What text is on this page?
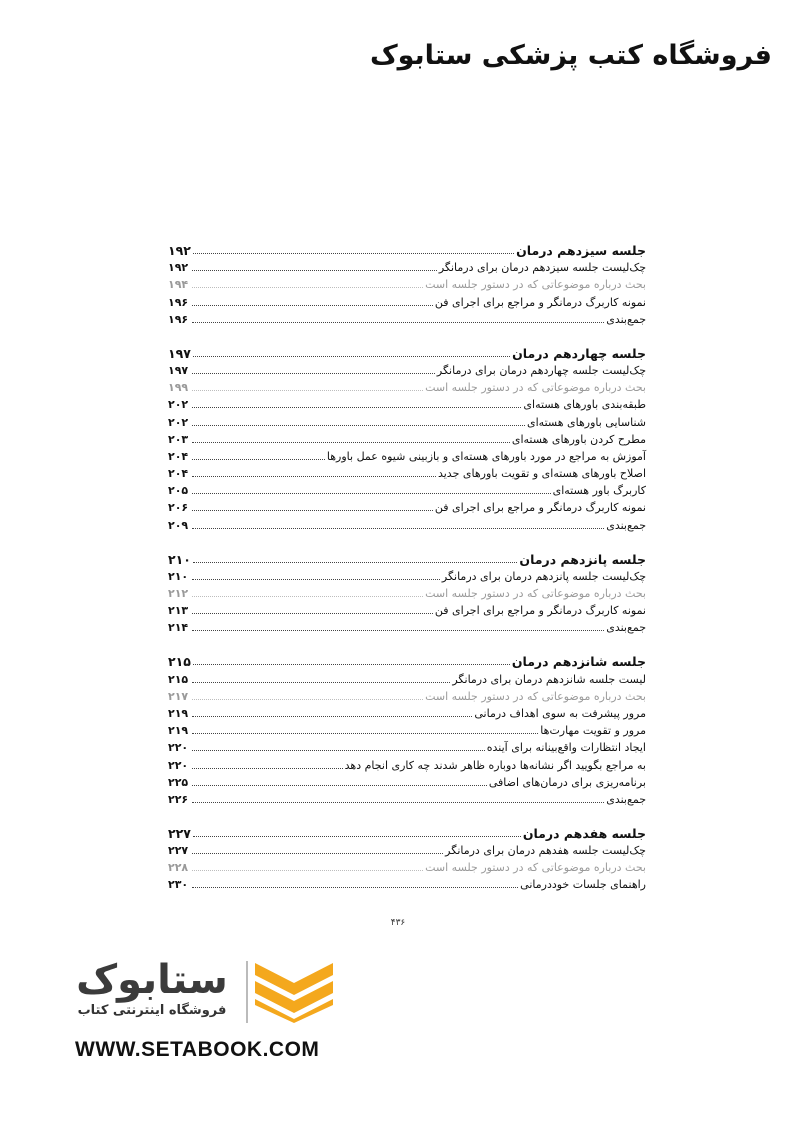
فروشگاه کتب پزشکی ستابوک
جلسه سیزدهم درمان
۱۹۲
چک‌لیست جلسه سیزدهم درمان برای درمانگر
۱۹۲
بحث درباره موضوعاتی که در دستور جلسه است
۱۹۴
نمونه کاربرگ درمانگر و مراجع برای اجرای فن
۱۹۶
جمع‌بندی
۱۹۶
جلسه چهاردهم درمان
۱۹۷
چک‌لیست جلسه چهاردهم درمان برای درمانگر
۱۹۷
بحث درباره موضوعاتی که در دستور جلسه است
۱۹۹
طبقه‌بندی باورهای هسته‌ای
۲۰۲
شناسایی باورهای هسته‌ای
۲۰۲
مطرح کردن باورهای هسته‌ای
۲۰۳
آموزش به مراجع در مورد باورهای هسته‌ای و بازبینی شیوه عمل باورها
۲۰۴
اصلاح باورهای هسته‌ای و تقویت باورهای جدید
۲۰۴
کاربرگ باور هسته‌ای
۲۰۵
نمونه کاربرگ درمانگر و مراجع برای اجرای فن
۲۰۶
جمع‌بندی
۲۰۹
جلسه پانزدهم درمان
۲۱۰
چک‌لیست جلسه پانزدهم درمان برای درمانگر
۲۱۰
بحث درباره موضوعاتی که در دستور جلسه است
۲۱۲
نمونه کاربرگ درمانگر و مراجع برای اجرای فن
۲۱۳
جمع‌بندی
۲۱۴
جلسه شانزدهم درمان
۲۱۵
لیست جلسه شانزدهم درمان برای درمانگر
۲۱۵
بحث درباره موضوعاتی که در دستور جلسه است
۲۱۷
مرور پیشرفت به سوی اهداف درمانی
۲۱۹
مرور و تقویت مهارت‌ها
۲۱۹
ایجاد انتظارات واقع‌بینانه برای آینده
۲۲۰
به مراجع بگویید اگر نشانه‌ها دوباره ظاهر شدند چه کاری انجام دهد
۲۲۰
برنامه‌ریزی برای درمان‌های اضافی
۲۲۵
جمع‌بندی
۲۲۶
جلسه هفدهم درمان
۲۲۷
چک‌لیست جلسه هفدهم درمان برای درمانگر
۲۲۷
بحث درباره موضوعاتی که در دستور جلسه است
۲۲۸
راهنمای جلسات خوددرمانی
۲۳۰
۴۳۶
ستابوک
فروشگاه اینترنتی کتاب
WWW.SETABOOK.COM
